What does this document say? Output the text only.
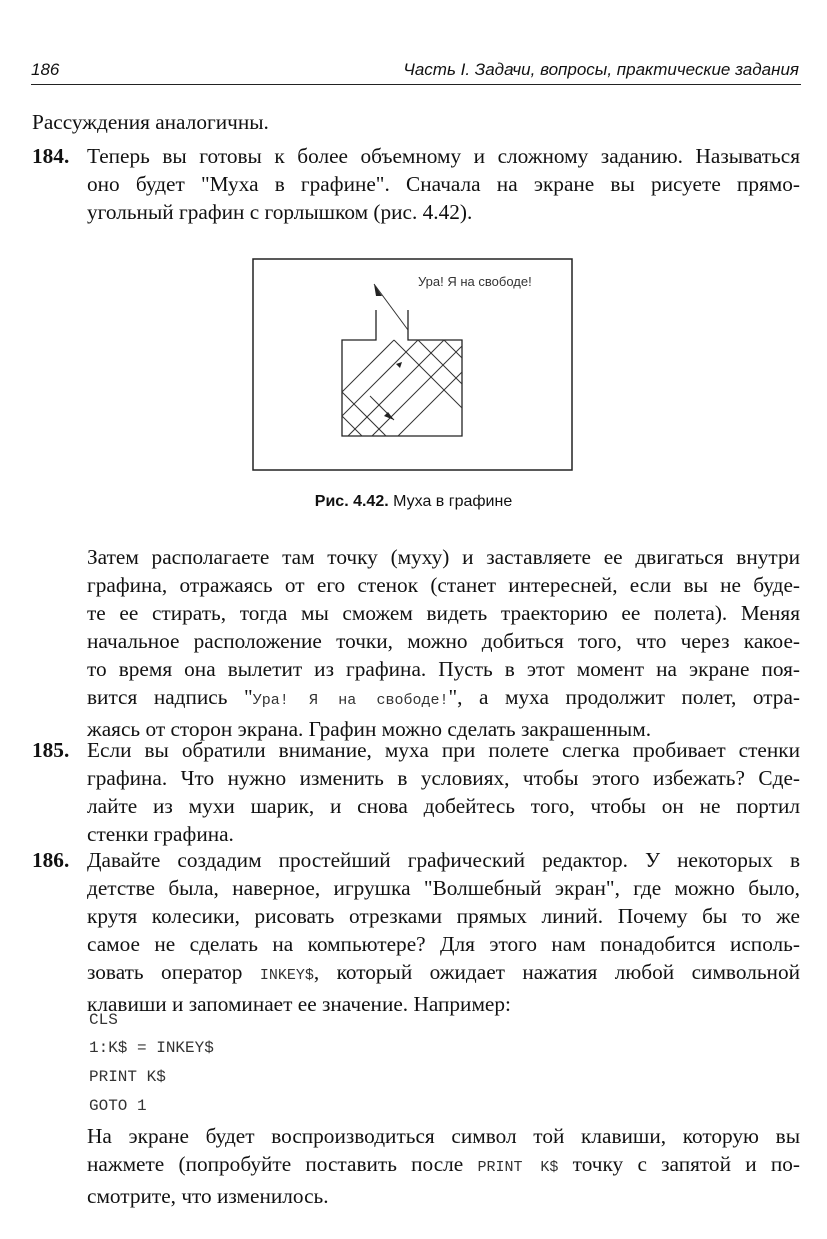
186	Часть I. Задачи, вопросы, практические задания
Рассуждения аналогичны.
184. Теперь вы готовы к более объемному и сложному заданию. Называться
оно будет "Муха в графине". Сначала на экране вы рисуете прямо-
угольный графин с горлышком (рис. 4.42).
Ура! Я на свободе!
Рис. 4.42. Муха в графине
Затем располагаете там точку (муху) и заставляете ее двигаться внутри
графина, отражаясь от его стенок (станет интересней, если вы не буде-
те ее стирать, тогда мы сможем видеть траекторию ее полета). Меняя
начальное расположение точки, можно добиться того, что через какое-
то время она вылетит из графина. Пусть в этот момент на экране поя-
вится надпись "Ура! Я на свободе!", а муха продолжит полет, отра-
жаясь от сторон экрана. Графин можно сделать закрашенным.
185. Если вы обратили внимание, муха при полете слегка пробивает стенки
графина. Что нужно изменить в условиях, чтобы этого избежать? Сде-
лайте из мухи шарик, и снова добейтесь того, чтобы он не портил
стенки графина.
186. Давайте создадим простейший графический редактор. У некоторых в
детстве была, наверное, игрушка "Волшебный экран", где можно было,
крутя колесики, рисовать отрезками прямых линий. Почему бы то же
самое не сделать на компьютере? Для этого нам понадобится исполь-
зовать оператор INKEY$, который ожидает нажатия любой символьной
клавиши и запоминает ее значение. Например:
CLS
1:K$ = INKEY$
PRINT K$
GOTO 1
На экране будет воспроизводиться символ той клавиши, которую вы
нажмете (попробуйте поставить после PRINT K$ точку с запятой и по-
смотрите, что изменилось.
